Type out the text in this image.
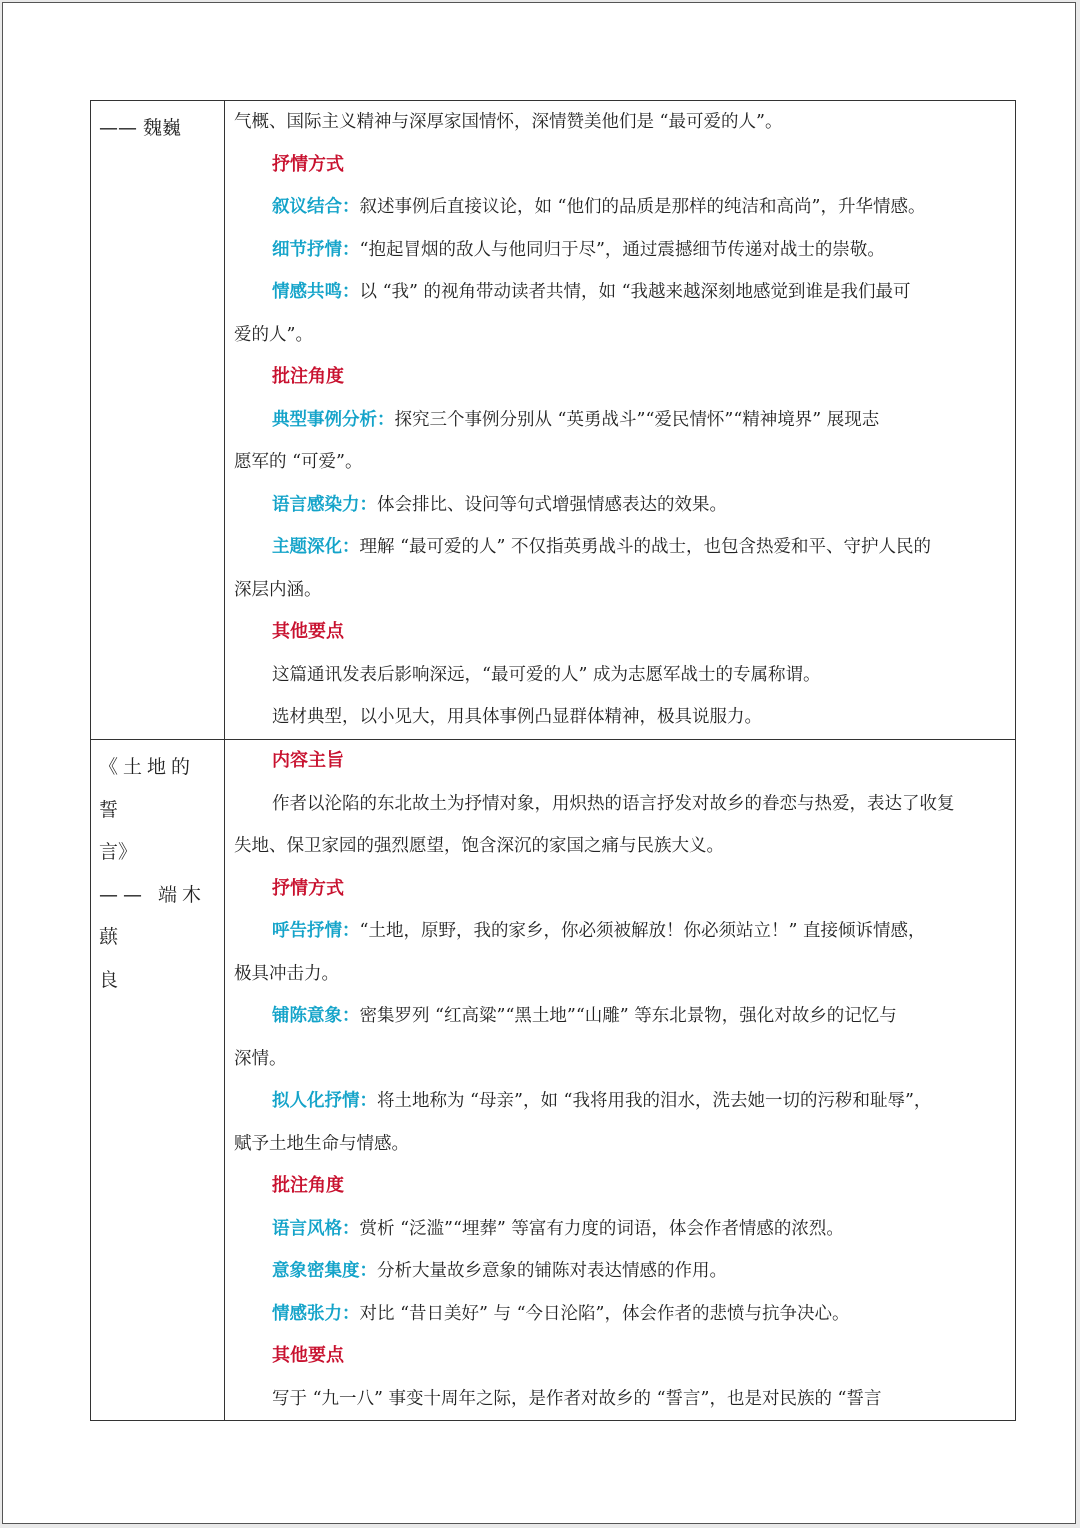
—— 魏巍	气概、国际主义精神与深厚家国情怀，深情赞美他们是 “最可爱的人”。

抒情方式

叙议结合：叙述事例后直接议论，如 “他们的品质是那样的纯洁和高尚”，升华情感。

细节抒情：“抱起冒烟的敌人与他同归于尽”，通过震撼细节传递对战士的崇敬。

情感共鸣：以 “我” 的视角带动读者共情，如 “我越来越深刻地感觉到谁是我们最可

爱的人”。

批注角度

典型事例分析：探究三个事例分别从 “英勇战斗”“爱民情怀”“精神境界” 展现志

愿军的 “可爱”。

语言感染力：体会排比、设问等句式增强情感表达的效果。

主题深化：理解 “最可爱的人” 不仅指英勇战斗的战士，也包含热爱和平、守护人民的

深层内涵。

其他要点

这篇通讯发表后影响深远，“最可爱的人” 成为志愿军战士的专属称谓。

选材典型，以小见大，用具体事例凸显群体精神，极具说服力。

《土地的誓

言》

—— 端木蕻

良

内容主旨

作者以沦陷的东北故土为抒情对象，用炽热的语言抒发对故乡的眷恋与热爱，表达了收复

失地、保卫家园的强烈愿望，饱含深沉的家国之痛与民族大义。

抒情方式

呼告抒情：“土地，原野，我的家乡，你必须被解放！你必须站立！” 直接倾诉情感，

极具冲击力。

铺陈意象：密集罗列 “红高粱”“黑土地”“山雕” 等东北景物，强化对故乡的记忆与

深情。

拟人化抒情：将土地称为 “母亲”，如 “我将用我的泪水，洗去她一切的污秽和耻辱”，

赋予土地生命与情感。

批注角度

语言风格：赏析 “泛滥”“埋葬” 等富有力度的词语，体会作者情感的浓烈。

意象密集度：分析大量故乡意象的铺陈对表达情感的作用。

情感张力：对比 “昔日美好” 与 “今日沦陷”，体会作者的悲愤与抗争决心。

其他要点

写于 “九一八” 事变十周年之际，是作者对故乡的 “誓言”，也是对民族的 “誓言
